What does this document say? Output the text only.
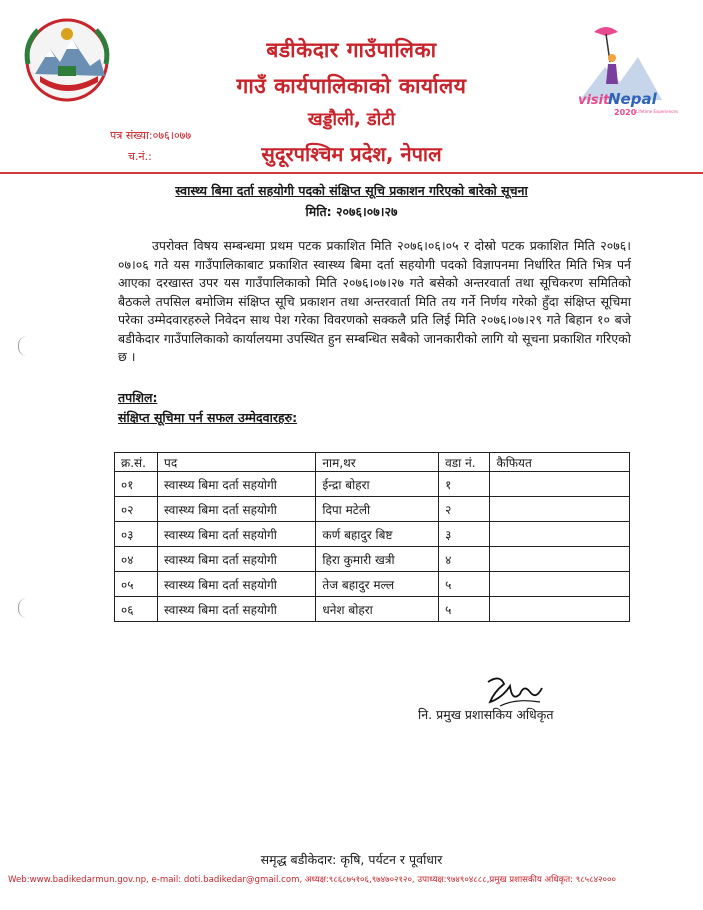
visit
Nepal
2020 Lifetime Experiences
बडीकेदार गाउँपालिका
गाउँ कार्यपालिकाको कार्यालय
खड्डौली, डोटी
सुदूरपश्चिम प्रदेश, नेपाल
पत्र संख्या:०७६।०७७
च.नं.:
स्वास्थ्य बिमा दर्ता सहयोगी पदको संक्षिप्त सूचि प्रकाशन गरिएको बारेको सूचना
मिति: २०७६।०७।२७
उपरोक्त विषय सम्बन्धमा प्रथम पटक प्रकाशित मिति २०७६।०६।०५ र दोस्रो पटक प्रकाशित मिति २०७६।०७।०६ गते यस गाउँपालिकाबाट प्रकाशित स्वास्थ्य बिमा दर्ता सहयोगी पदको विज्ञापनमा निर्धारित मिति भित्र पर्न आएका दरखास्त उपर यस गाउँपालिकाको मिति २०७६।०७।२७ गते बसेको अन्तरवार्ता तथा सूचिकरण समितिको बैठकले तपसिल बमोजिम संक्षिप्त सूचि प्रकाशन तथा अन्तरवार्ता मिति तय गर्ने निर्णय गरेको हुँदा संक्षिप्त सूचिमा परेका उम्मेदवारहरुले निवेदन साथ पेश गरेका विवरणको सक्कलै प्रति लिई मिति २०७६।०७।२९ गते बिहान १० बजे बडीकेदार गाउँपालिकाको कार्यालयमा उपस्थित हुन सम्बन्धित सबैको जानकारीको लागि यो सूचना प्रकाशित गरिएको छ ।
तपशिल:
संक्षिप्त सूचिमा पर्न सफल उम्मेदवारहरु:
क्र.सं.	पद	नाम,थर	वडा नं.	कैफियत
०१	स्वास्थ्य बिमा दर्ता सहयोगी	ईन्द्रा बोहरा	१	
०२	स्वास्थ्य बिमा दर्ता सहयोगी	दिपा मटेली	२	
०३	स्वास्थ्य बिमा दर्ता सहयोगी	कर्ण बहादुर बिष्ट	३	
०४	स्वास्थ्य बिमा दर्ता सहयोगी	हिरा कुमारी खत्री	४	
०५	स्वास्थ्य बिमा दर्ता सहयोगी	तेज बहादुर मल्ल	५	
०६	स्वास्थ्य बिमा दर्ता सहयोगी	धनेश बोहरा	५	
नि. प्रमुख प्रशासकिय अधिकृत
समृद्ध बडीकेदार: कृषि, पर्यटन र पूर्वाधार
Web:www.badikedarmun.gov.np, e-mail: doti.badikedar@gmail.com, अध्यक्ष:९८६८७५१०६,९७४७०२१२०, उपाध्यक्ष:९७४९०४८८८,प्रमुख प्रशासकीय अधिकृत: ९८५८४२०००
